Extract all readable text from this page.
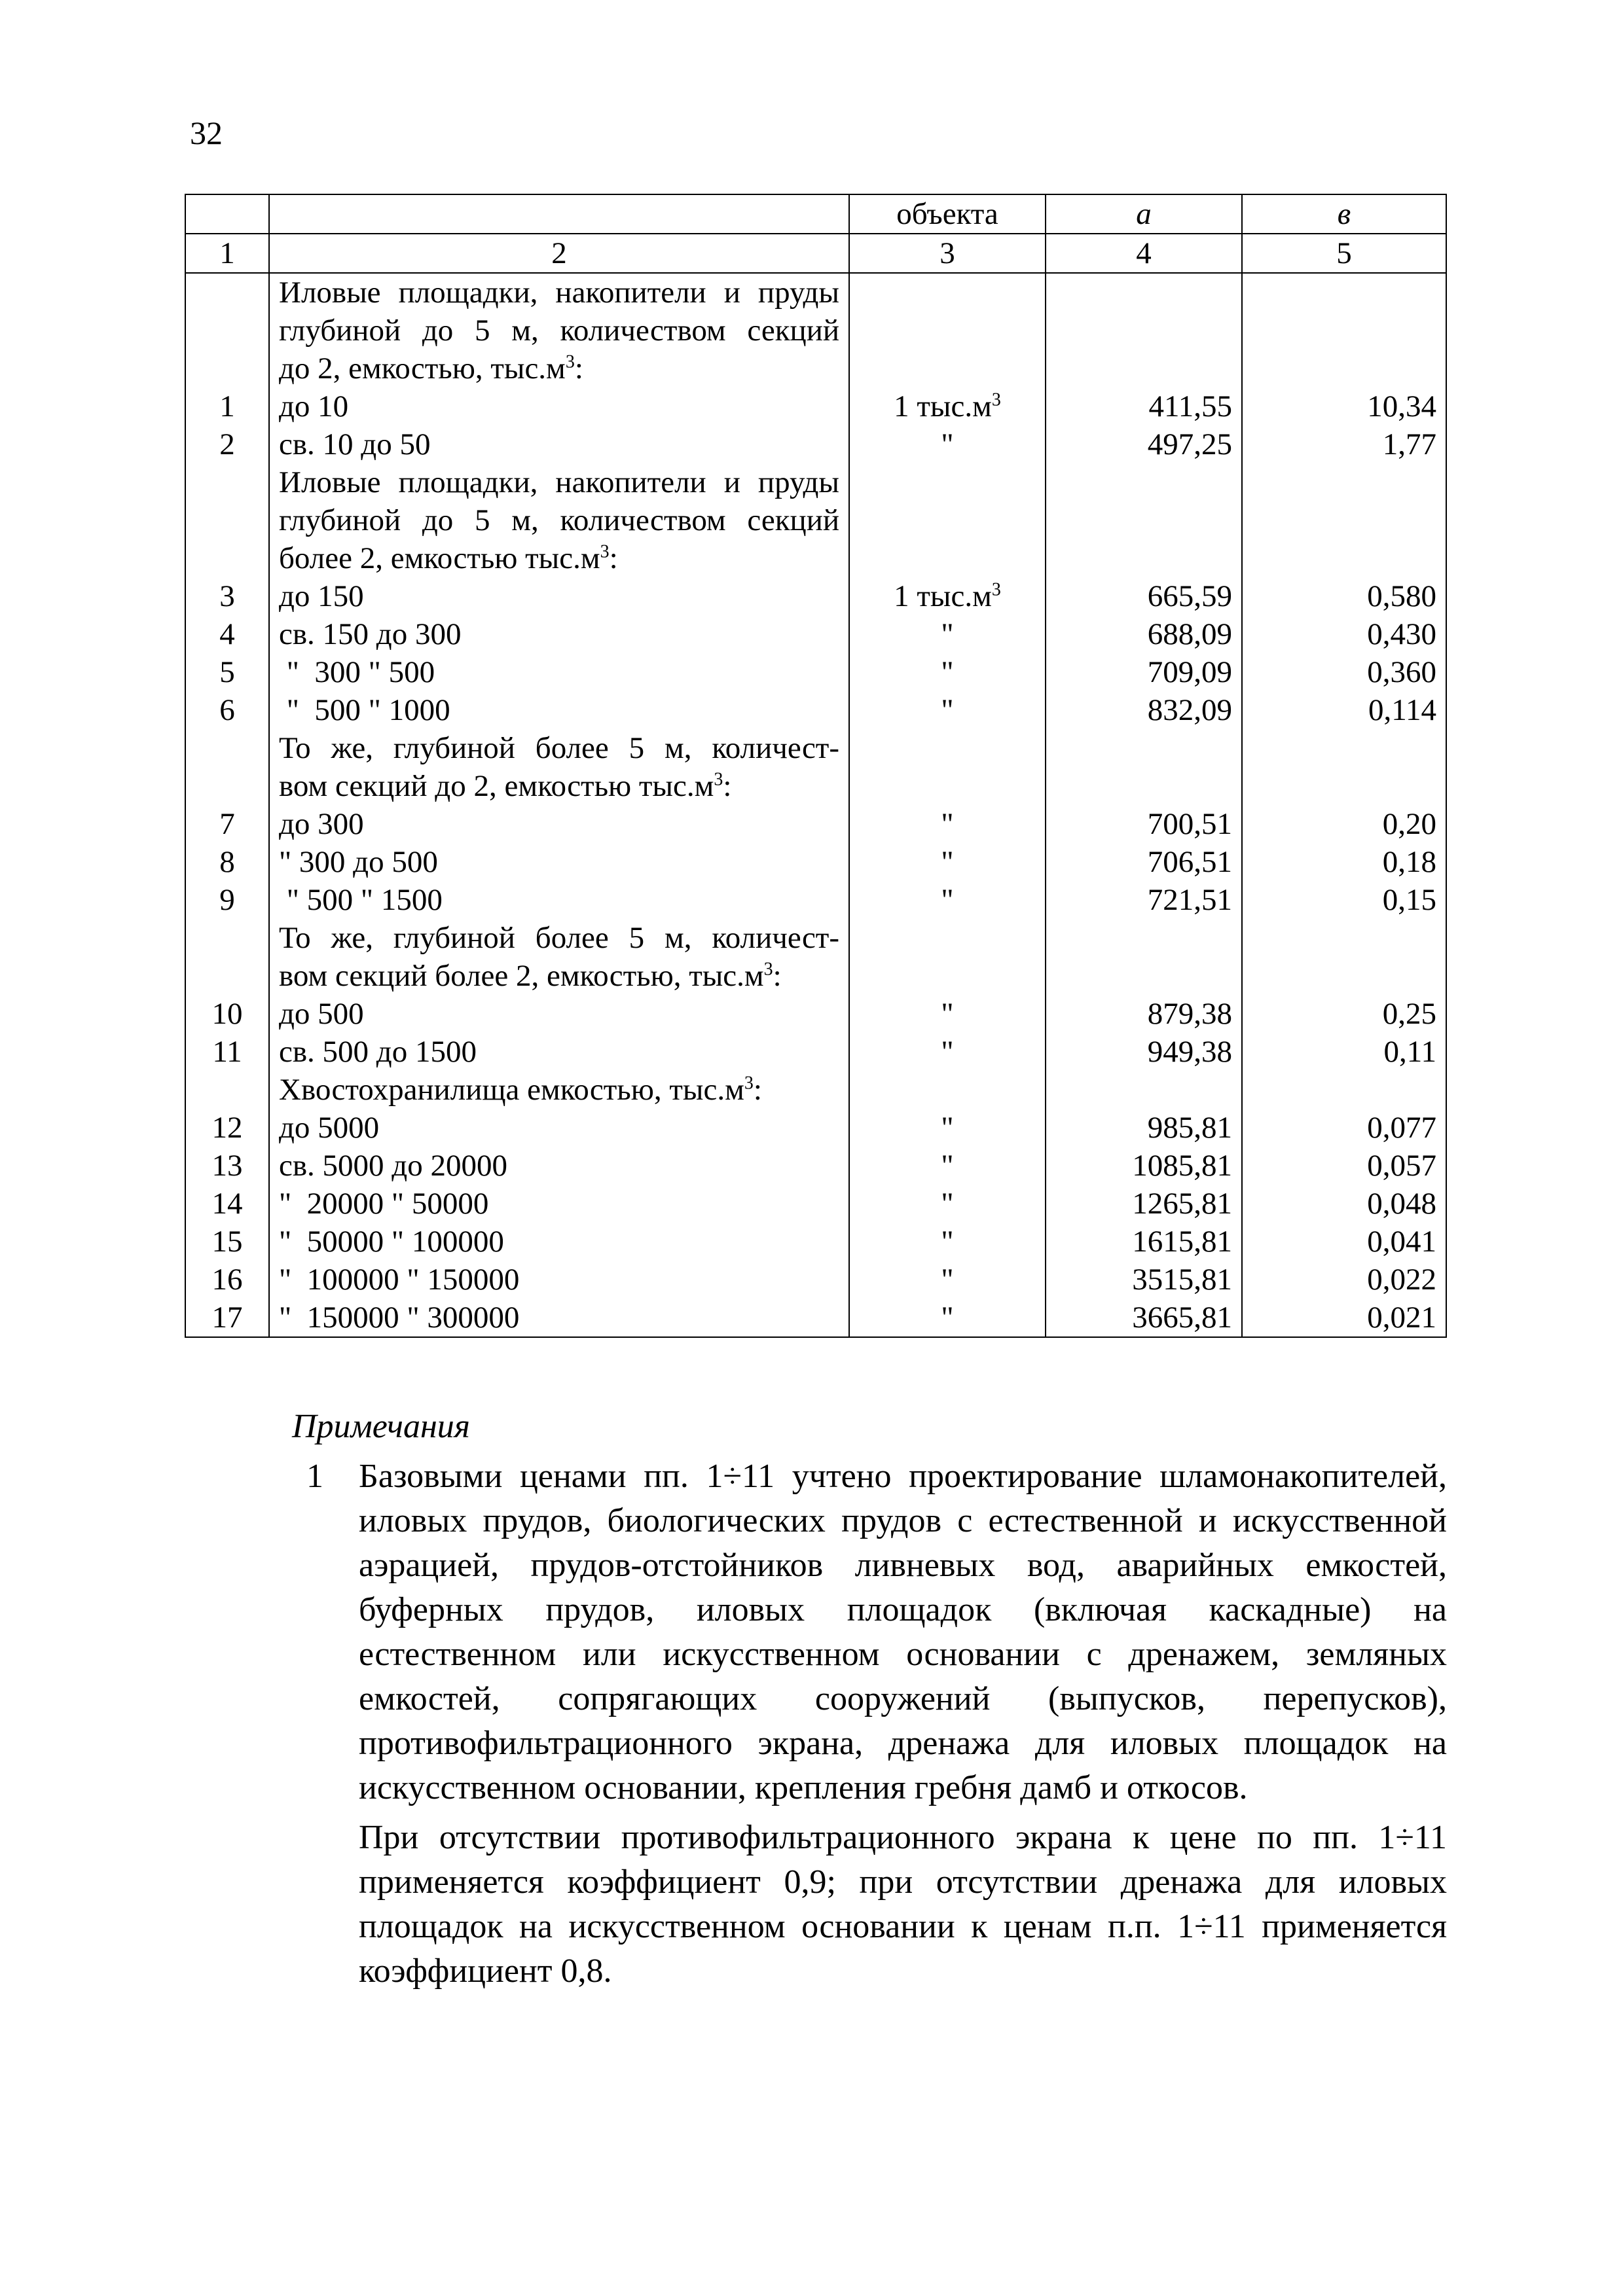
32
		объекта	а	в
1	2	3	4	5
	Иловые площадки, накопители и пруды			
	глубиной до 5 м, количеством секций			
	до 2, емкостью, $тыс.м^3$:			
1	до 10	1 $тыс.м^3$	411,55	10,34
2	св. 10 до 50	"	497,25	1,77
	Иловые площадки, накопители и пруды			
	глубиной до 5 м, количеством секций			
	более 2, емкостью $тыс.м^3$:			
3	до 150	1 $тыс.м^3$	665,59	0,580
4	св. 150 до 300	"	688,09	0,430
5	"  300 " 500	"	709,09	0,360
6	"  500 " 1000	"	832,09	0,114
	То же, глубиной более 5 м, количест-			
	вом секций до 2, емкостью $тыс.м^3$:			
7	до 300	"	700,51	0,20
8	" 300 до 500	"	706,51	0,18
9	" 500 " 1500	"	721,51	0,15
	То же, глубиной более 5 м, количест-			
	вом секций более 2, емкостью, $тыс.м^3$:			
10	до 500	"	879,38	0,25
11	св. 500 до 1500	"	949,38	0,11
	Хвостохранилища емкостью, $тыс.м^3$:			
12	до 5000	"	985,81	0,077
13	св. 5000 до 20000	"	1085,81	0,057
14	"  20000 " 50000	"	1265,81	0,048
15	"  50000 " 100000	"	1615,81	0,041
16	"  100000 " 150000	"	3515,81	0,022
17	"  150000 " 300000	"	3665,81	0,021
Примечания
1 Базовыми ценами пп. 1÷11 учтено проектирование шламонакопителей, иловых прудов, биологических прудов с естественной и искусственной аэрацией, прудов-отстойников ливневых вод, аварийных емкостей, буферных прудов, иловых площадок (включая каскадные) на естественном или искусственном основании с дренажем, земляных емкостей, сопрягающих сооружений (выпусков, перепусков), противофильтрационного экрана, дренажа для иловых площадок на искусственном основании, крепления гребня дамб и откосов.

При отсутствии противофильтрационного экрана к цене по пп. 1÷11 применяется коэффициент 0,9; при отсутствии дренажа для иловых площадок на искусственном основании к ценам п.п. 1÷11 применяется коэффициент 0,8.
